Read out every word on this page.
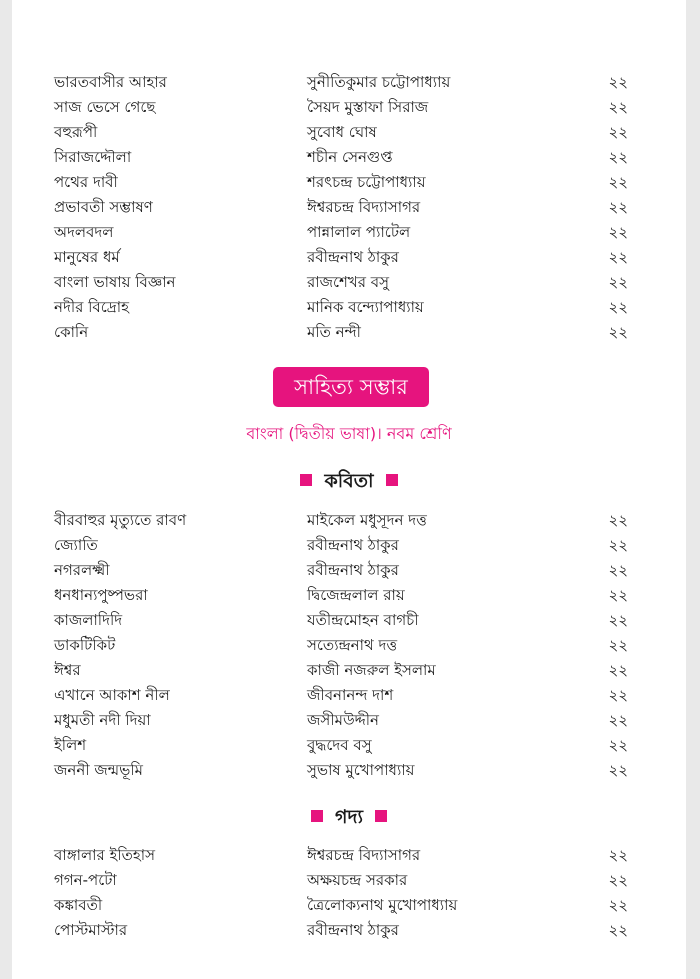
ভারতবাসীর আহার	সুনীতিকুমার চট্টোপাধ্যায়	২২
সাজ ভেসে গেছে	সৈয়দ মুস্তাফা সিরাজ	২২
বহুরূপী	সুবোধ ঘোষ	২২
সিরাজদ্দৌলা	শচীন সেনগুপ্ত	২২
পথের দাবী	শরৎচন্দ্র চট্টোপাধ্যায়	২২
প্রভাবতী সম্ভাষণ	ঈশ্বরচন্দ্র বিদ্যাসাগর	২২
অদলবদল	পান্নালাল প্যাটেল	২২
মানুষের ধর্ম	রবীন্দ্রনাথ ঠাকুর	২২
বাংলা ভাষায় বিজ্ঞান	রাজশেখর বসু	২২
নদীর বিদ্রোহ	মানিক বন্দ্যোপাধ্যায়	২২
কোনি	মতি নন্দী	২২
সাহিত্য সম্ভার
বাংলা (দ্বিতীয় ভাষা)। নবম শ্রেণি
কবিতা
বীরবাহুর মৃত্যুতে রাবণ	মাইকেল মধুসূদন দত্ত	২২
জ্যোতি	রবীন্দ্রনাথ ঠাকুর	২২
নগরলক্ষ্মী	রবীন্দ্রনাথ ঠাকুর	২২
ধনধান্যপুষ্পভরা	দ্বিজেন্দ্রলাল রায়	২২
কাজলাদিদি	যতীন্দ্রমোহন বাগচী	২২
ডাকটিকিট	সত্যেন্দ্রনাথ দত্ত	২২
ঈশ্বর	কাজী নজরুল ইসলাম	২২
এখানে আকাশ নীল	জীবনানন্দ দাশ	২২
মধুমতী নদী দিয়া	জসীমউদ্দীন	২২
ইলিশ	বুদ্ধদেব বসু	২২
জননী জন্মভূমি	সুভাষ মুখোপাধ্যায়	২২
গদ্য
বাঙ্গালার ইতিহাস	ঈশ্বরচন্দ্র বিদ্যাসাগর	২২
গগন-পটো	অক্ষয়চন্দ্র সরকার	২২
কঙ্কাবতী	ত্রৈলোক্যনাথ মুখোপাধ্যায়	২২
পোস্টমাস্টার	রবীন্দ্রনাথ ঠাকুর	২২
